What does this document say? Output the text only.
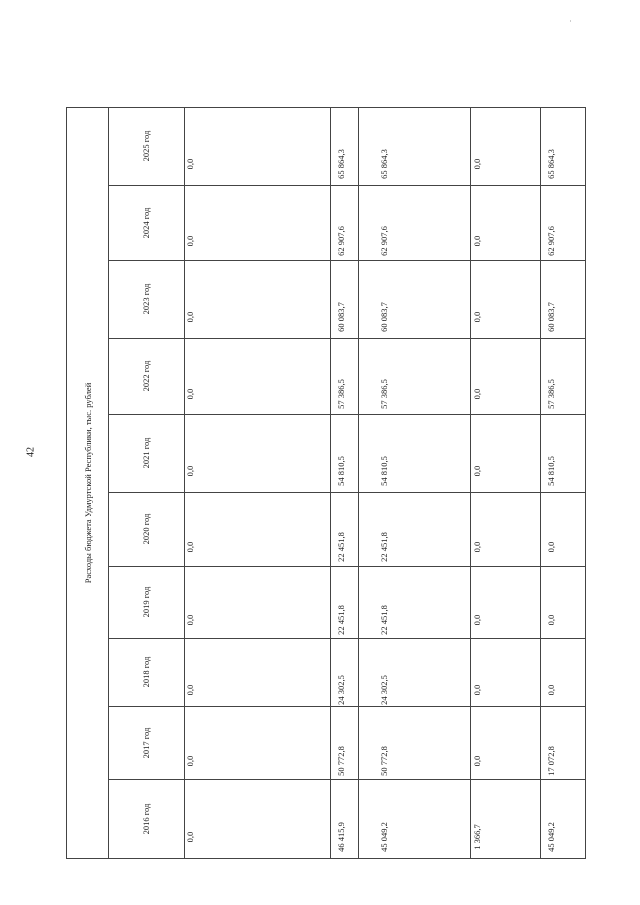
42	Расходы бюджета Удмуртской Республики, тыс. рублей
2016 год
2017 год
2018 год
2019 год
2020 год
2021 год
2022 год
2023 год
2024 год
2025 год
0,0
0,0
0,0
0,0
0,0
0,0
0,0
0,0
0,0
0,0
46 415,9
50 772,8
24 302,5
22 451,8
22 451,8
54 810,5
57 386,5
60 083,7
62 907,6
65 864,3
45 049,2
50 772,8
24 302,5
22 451,8
22 451,8
54 810,5
57 386,5
60 083,7
62 907,6
65 864,3
1 366,7
0,0
0,0
0,0
0,0
0,0
0,0
0,0
0,0
0,0
45 049,2
17 072,8
0,0
0,0
0,0
54 810,5
57 386,5
60 083,7
62 907,6
65 864,3
